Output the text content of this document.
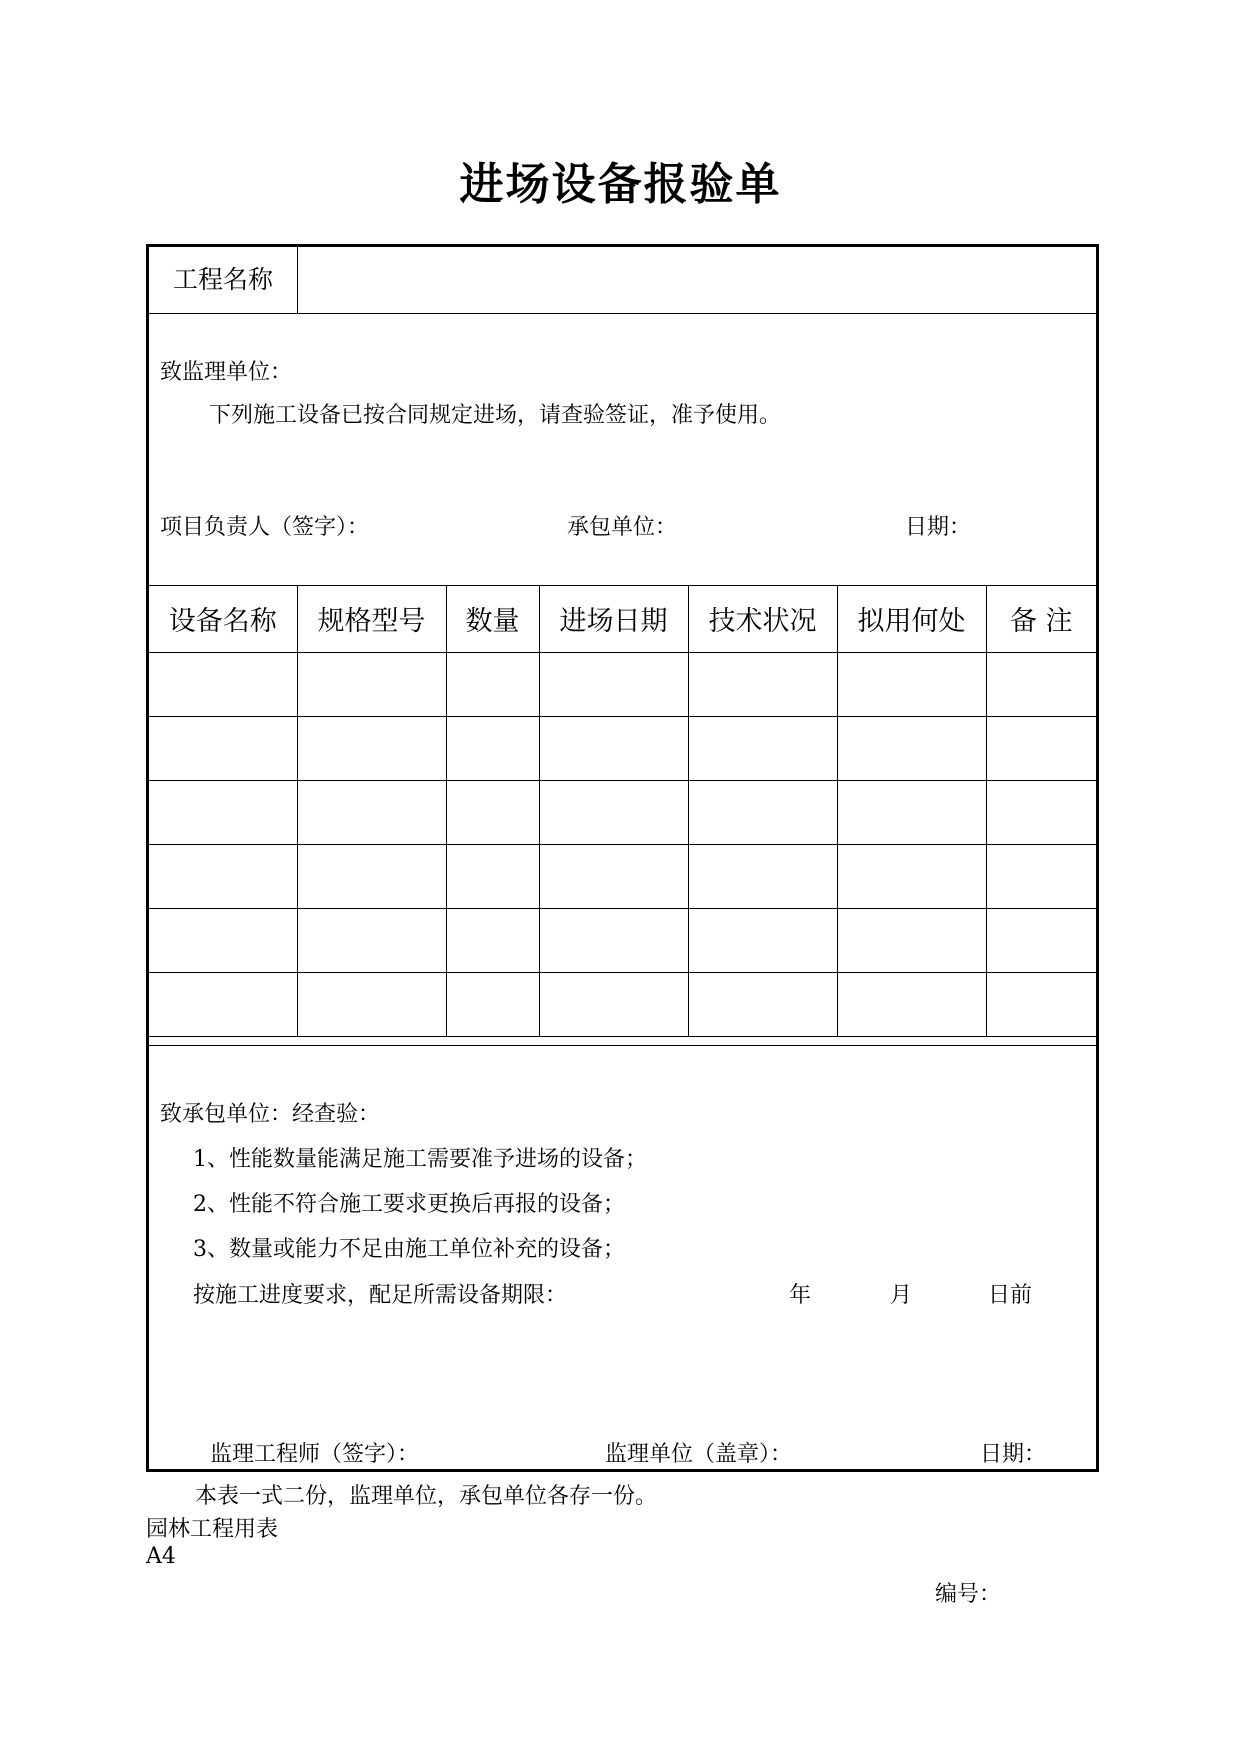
进场设备报验单
工程名称
致监理单位：
下列施工设备已按合同规定进场，请查验签证，准予使用。
项目负责人（签字）：	承包单位：	日期：
设备名称	规格型号	数量	进场日期	技术状况	拟用何处	备 注

致承包单位：经查验：
1、性能数量能满足施工需要准予进场的设备；
2、性能不符合施工要求更换后再报的设备；
3、数量或能力不足由施工单位补充的设备；
按施工进度要求，配足所需设备期限：	年	月	日前
监理工程师（签字）：	监理单位（盖章）：	日期：
本表一式二份，监理单位，承包单位各存一份。
园林工程用表
A4
编号：
